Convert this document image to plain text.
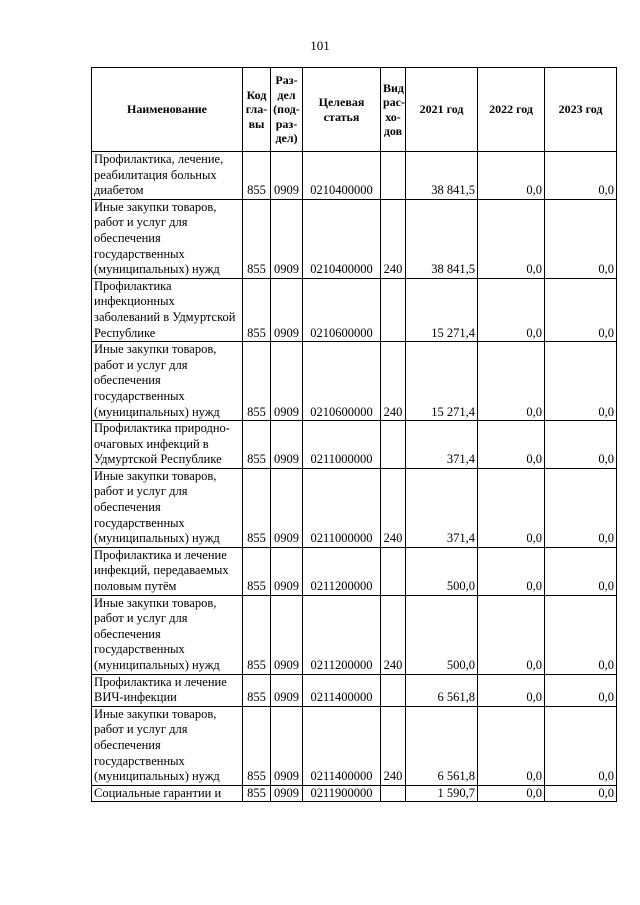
101
Наименование	Код гла- вы	Раз- дел (под- раз- дел)	Целевая статья	Вид рас- хо- дов	2021 год	2022 год	2023 год
Профилактика, лечение, реабилитация больных диабетом	855	0909	0210400000		38 841,5	0,0	0,0
Иные закупки товаров, работ и услуг для обеспечения государственных (муниципальных) нужд	855	0909	0210400000	240	38 841,5	0,0	0,0
Профилактика инфекционных заболеваний в Удмуртской Республике	855	0909	0210600000		15 271,4	0,0	0,0
Иные закупки товаров, работ и услуг для обеспечения государственных (муниципальных) нужд	855	0909	0210600000	240	15 271,4	0,0	0,0
Профилактика природно-очаговых инфекций в Удмуртской Республике	855	0909	0211000000		371,4	0,0	0,0
Иные закупки товаров, работ и услуг для обеспечения государственных (муниципальных) нужд	855	0909	0211000000	240	371,4	0,0	0,0
Профилактика и лечение инфекций, передаваемых половым путём	855	0909	0211200000		500,0	0,0	0,0
Иные закупки товаров, работ и услуг для обеспечения государственных (муниципальных) нужд	855	0909	0211200000	240	500,0	0,0	0,0
Профилактика и лечение ВИЧ-инфекции	855	0909	0211400000		6 561,8	0,0	0,0
Иные закупки товаров, работ и услуг для обеспечения государственных (муниципальных) нужд	855	0909	0211400000	240	6 561,8	0,0	0,0
Социальные гарантии и	855	0909	0211900000		1 590,7	0,0	0,0
